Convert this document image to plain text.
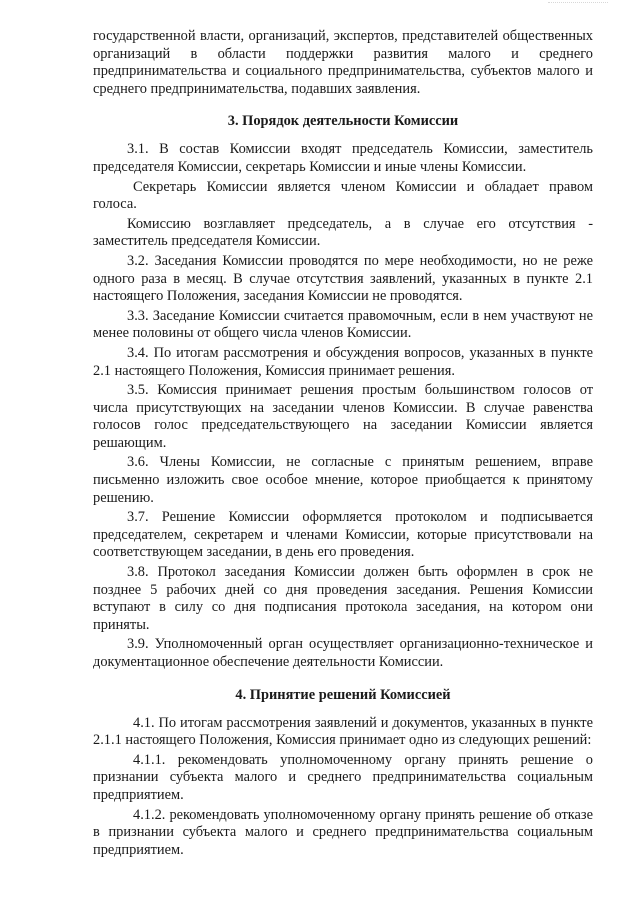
государственной власти, организаций, экспертов, представителей общественных организаций в области поддержки развития малого и среднего предпринимательства и социального предпринимательства, субъектов малого и среднего предпринимательства, подавших заявления.

3. Порядок деятельности Комиссии

3.1. В состав Комиссии входят председатель Комиссии, заместитель председателя Комиссии, секретарь Комиссии и иные члены Комиссии.

Секретарь Комиссии является членом Комиссии и обладает правом голоса.

Комиссию возглавляет председатель, а в случае его отсутствия - заместитель председателя Комиссии.

3.2. Заседания Комиссии проводятся по мере необходимости, но не реже одного раза в месяц. В случае отсутствия заявлений, указанных в пункте 2.1 настоящего Положения, заседания Комиссии не проводятся.

3.3. Заседание Комиссии считается правомочным, если в нем участвуют не менее половины от общего числа членов Комиссии.

3.4. По итогам рассмотрения и обсуждения вопросов, указанных в пункте 2.1 настоящего Положения, Комиссия принимает решения.

3.5. Комиссия принимает решения простым большинством голосов от числа присутствующих на заседании членов Комиссии. В случае равенства голосов голос председательствующего на заседании Комиссии является решающим.

3.6. Члены Комиссии, не согласные с принятым решением, вправе письменно изложить свое особое мнение, которое приобщается к принятому решению.

3.7. Решение Комиссии оформляется протоколом и подписывается председателем, секретарем и членами Комиссии, которые присутствовали на соответствующем заседании, в день его проведения.

3.8. Протокол заседания Комиссии должен быть оформлен в срок не позднее 5 рабочих дней со дня проведения заседания. Решения Комиссии вступают в силу со дня подписания протокола заседания, на котором они приняты.

3.9. Уполномоченный орган осуществляет организационно-техническое и документационное обеспечение деятельности Комиссии.

4. Принятие решений Комиссией

4.1. По итогам рассмотрения заявлений и документов, указанных в пункте 2.1.1 настоящего Положения, Комиссия принимает одно из следующих решений:

4.1.1. рекомендовать уполномоченному органу принять решение о признании субъекта малого и среднего предпринимательства социальным предприятием.

4.1.2. рекомендовать уполномоченному органу принять решение об отказе в признании субъекта малого и среднего предпринимательства социальным предприятием.
